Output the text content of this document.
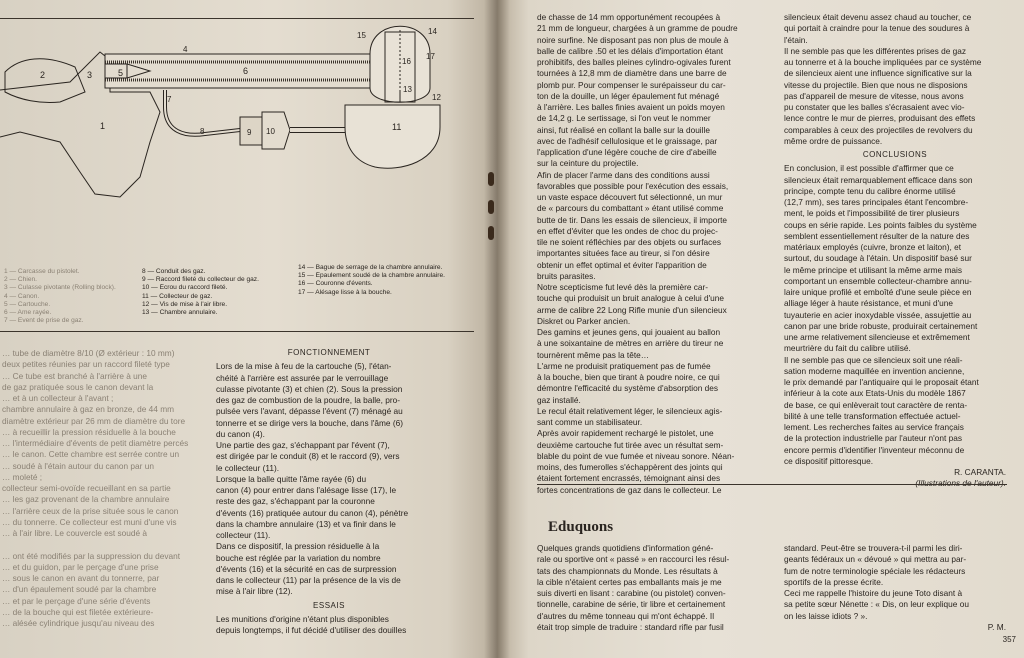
1
2	3
4
5	6
7
8	9 10	11
12
13
14
15
16
17
1 — Carcasse du pistolet.
2 — Chien.
3 — Culasse pivotante (Rolling block).
4 — Canon.
5 — Cartouche.
6 — Ame rayée.
7 — Event de prise de gaz.
8 — Conduit des gaz.
9 — Raccord fileté du collecteur de gaz.
10 — Écrou du raccord fileté.
11 — Collecteur de gaz.
12 — Vis de mise à l'air libre.
13 — Chambre annulaire.
14 — Bague de serrage de la chambre annulaire.
15 — Épaulement soudé de la chambre annulaire.
16 — Couronne d'évents.
17 — Alésage lisse à la bouche.

… tube de diamètre 8/10 (Ø extérieur : 10 mm)

deux petites réunies par un raccord fileté type

… Ce tube est branché à l'arrière à une

de gaz pratiquée sous le canon devant la

… et à un collecteur à l'avant ;

chambre annulaire à gaz en bronze, de 44 mm

diamètre extérieur par 26 mm de diamètre du tore

… à recueillir la pression résiduelle à la bouche

… l'intermédiaire d'évents de petit diamètre percés

… le canon. Cette chambre est serrée contre un

… soudé à l'étain autour du canon par un

… moleté ;

collecteur semi-ovoïde recueillant en sa partie

… les gaz provenant de la chambre annulaire

… l'arrière ceux de la prise située sous le canon

… du tonnerre. Ce collecteur est muni d'une vis

… à l'air libre. Le couvercle est soudé à

… ont été modifiés par la suppression du devant

… et du guidon, par le perçage d'une prise

… sous le canon en avant du tonnerre, par

… d'un épaulement soudé par la chambre

… et par le perçage d'une série d'évents

… de la bouche qui est filetée extérieure-

… alésée cylindrique jusqu'au niveau des

FONCTIONNEMENT

Lors de la mise à feu de la cartouche (5), l'étan-

chéité à l'arrière est assurée par le verrouillage

culasse pivotante (3) et chien (2). Sous la pression

des gaz de combustion de la poudre, la balle, pro-

pulsée vers l'avant, dépasse l'évent (7) ménagé au

tonnerre et se dirige vers la bouche, dans l'âme (6)

du canon (4).

Une partie des gaz, s'échappant par l'évent (7),

est dirigée par le conduit (8) et le raccord (9), vers

le collecteur (11).

Lorsque la balle quitte l'âme rayée (6) du

canon (4) pour entrer dans l'alésage lisse (17), le

reste des gaz, s'échappant par la couronne

d'évents (16) pratiquée autour du canon (4), pénètre

dans la chambre annulaire (13) et va finir dans le

collecteur (11).

Dans ce dispositif, la pression résiduelle à la

bouche est réglée par la variation du nombre

d'évents (16) et la sécurité en cas de surpression

dans le collecteur (11) par la présence de la vis de

mise à l'air libre (12).

ESSAIS

Les munitions d'origine n'étant plus disponibles

depuis longtemps, il fut décidé d'utiliser des douilles

de chasse de 14 mm opportunément recoupées à

21 mm de longueur, chargées à un gramme de poudre

noire surfine. Ne disposant pas non plus de moule à

balle de calibre .50 et les délais d'importation étant

prohibitifs, des balles pleines cylindro-ogivales furent

tournées à 12,8 mm de diamètre dans une barre de

plomb pur. Pour compenser le surépaisseur du car-

ton de la douille, un léger épaulement fut ménagé

à l'arrière. Les balles finies avaient un poids moyen

de 14,2 g. Le sertissage, si l'on veut le nommer

ainsi, fut réalisé en collant la balle sur la douille

avec de l'adhésif cellulosique et le graissage, par

l'application d'une légère couche de cire d'abeille

sur la ceinture du projectile.

Afin de placer l'arme dans des conditions aussi

favorables que possible pour l'exécution des essais,

un vaste espace découvert fut sélectionné, un mur

de « parcours du combattant » étant utilisé comme

butte de tir. Dans les essais de silencieux, il importe

en effet d'éviter que les ondes de choc du projec-

tile ne soient réfléchies par des objets ou surfaces

importantes situées face au tireur, si l'on désire

obtenir un effet optimal et éviter l'apparition de

bruits parasites.

Notre scepticisme fut levé dès la première car-

touche qui produisit un bruit analogue à celui d'une

arme de calibre 22 Long Rifle munie d'un silencieux

Diskret ou Parker ancien.

Des gamins et jeunes gens, qui jouaient au ballon

à une soixantaine de mètres en arrière du tireur ne

tournèrent même pas la tête…

L'arme ne produisit pratiquement pas de fumée

à la bouche, bien que tirant à poudre noire, ce qui

démontre l'efficacité du système d'absorption des

gaz installé.

Le recul était relativement léger, le silencieux agis-

sant comme un stabilisateur.

Après avoir rapidement rechargé le pistolet, une

deuxième cartouche fut tirée avec un résultat sem-

blable du point de vue fumée et niveau sonore. Néan-

moins, des fumerolles s'échappèrent des joints qui

étaient fortement encrassés, témoignant ainsi des

fortes concentrations de gaz dans le collecteur. Le

silencieux était devenu assez chaud au toucher, ce

qui portait à craindre pour la tenue des soudures à

l'étain.

Il ne semble pas que les différentes prises de gaz

au tonnerre et à la bouche impliquées par ce système

de silencieux aient une influence significative sur la

vitesse du projectile. Bien que nous ne disposions

pas d'appareil de mesure de vitesse, nous avons

pu constater que les balles s'écrasaient avec vio-

lence contre le mur de pierres, produisant des effets

comparables à ceux des projectiles de revolvers du

même ordre de puissance.

CONCLUSIONS

En conclusion, il est possible d'affirmer que ce

silencieux était remarquablement efficace dans son

principe, compte tenu du calibre énorme utilisé

(12,7 mm), ses tares principales étant l'encombre-

ment, le poids et l'impossibilité de tirer plusieurs

coups en série rapide. Les points faibles du système

semblent essentiellement résulter de la nature des

matériaux employés (cuivre, bronze et laiton), et

surtout, du soudage à l'étain. Un dispositif basé sur

le même principe et utilisant la même arme mais

comportant un ensemble collecteur-chambre annu-

laire unique profilé et emboîté d'une seule pièce en

alliage léger à haute résistance, et muni d'une

tuyauterie en acier inoxydable vissée, assujettie au

canon par une bride robuste, produirait certainement

une arme relativement silencieuse et extrêmement

meurtrière du fait du calibre utilisé.

Il ne semble pas que ce silencieux soit une réali-

sation moderne maquillée en invention ancienne,

le prix demandé par l'antiquaire qui le proposait étant

inférieur à la cote aux Etats-Unis du modèle 1867

de base, ce qui enlèverait tout caractère de renta-

bilité à une telle transformation effectuée actuel-

lement. Les recherches faites au service français

de la protection industrielle par l'auteur n'ont pas

encore permis d'identifier l'inventeur méconnu de

ce dispositif pittoresque.

R. CARANTA.

Eduquons

Quelques grands quotidiens d'information géné-

rale ou sportive ont « passé » en raccourci les résul-

tats des championnats du Monde. Les résultats à

la cible n'étaient certes pas emballants mais je me

suis diverti en lisant : carabine (ou pistolet) conven-

tionnelle, carabine de série, tir libre et certainement

d'autres du même tonneau qui m'ont échappé. Il

était trop simple de traduire : standard rifle par fusil

standard. Peut-être se trouvera-t-il parmi les diri-

geants fédéraux un « dévoué » qui mettra au par-

fum de notre terminologie spéciale les rédacteurs

sportifs de la presse écrite.

Ceci me rappelle l'histoire du jeune Toto disant à

sa petite sœur Nénette : « Dis, on leur explique ou

on les laisse idiots ? ».

P. M.

357
